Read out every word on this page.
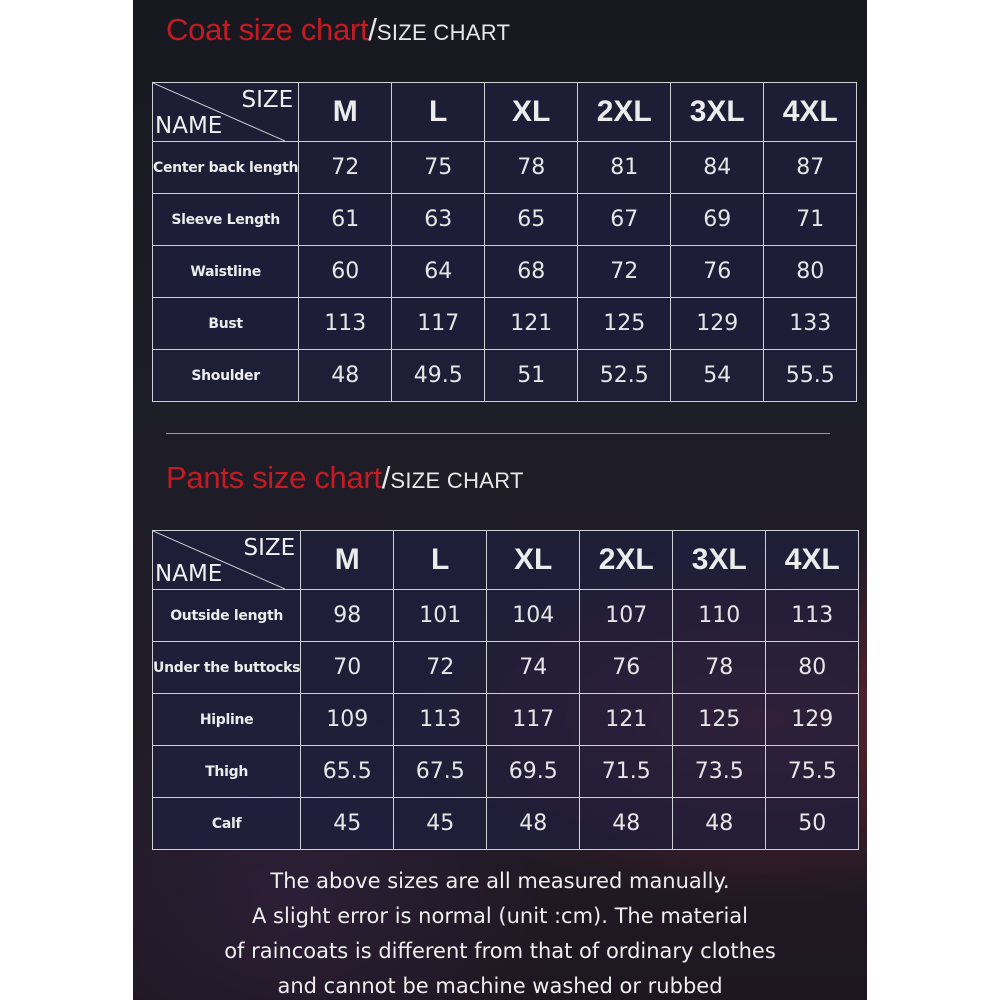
Coat size chart/SIZE CHART
SIZE
NAME	M	L	XL	2XL	3XL	4XL
Center back length	72	75	78	81	84	87
Sleeve Length	61	63	65	67	69	71
Waistline	60	64	68	72	76	80
Bust	113	117	121	125	129	133
Shoulder	48	49.5	51	52.5	54	55.5
Pants size chart/SIZE CHART
SIZE
NAME	M	L	XL	2XL	3XL	4XL
Outside length	98	101	104	107	110	113
Under the buttocks	70	72	74	76	78	80
Hipline	109	113	117	121	125	129
Thigh	65.5	67.5	69.5	71.5	73.5	75.5
Calf	45	45	48	48	48	50
The above sizes are all measured manually.
A slight error is normal (unit :cm). The material
of raincoats is different from that of ordinary clothes
and cannot be machine washed or rubbed
